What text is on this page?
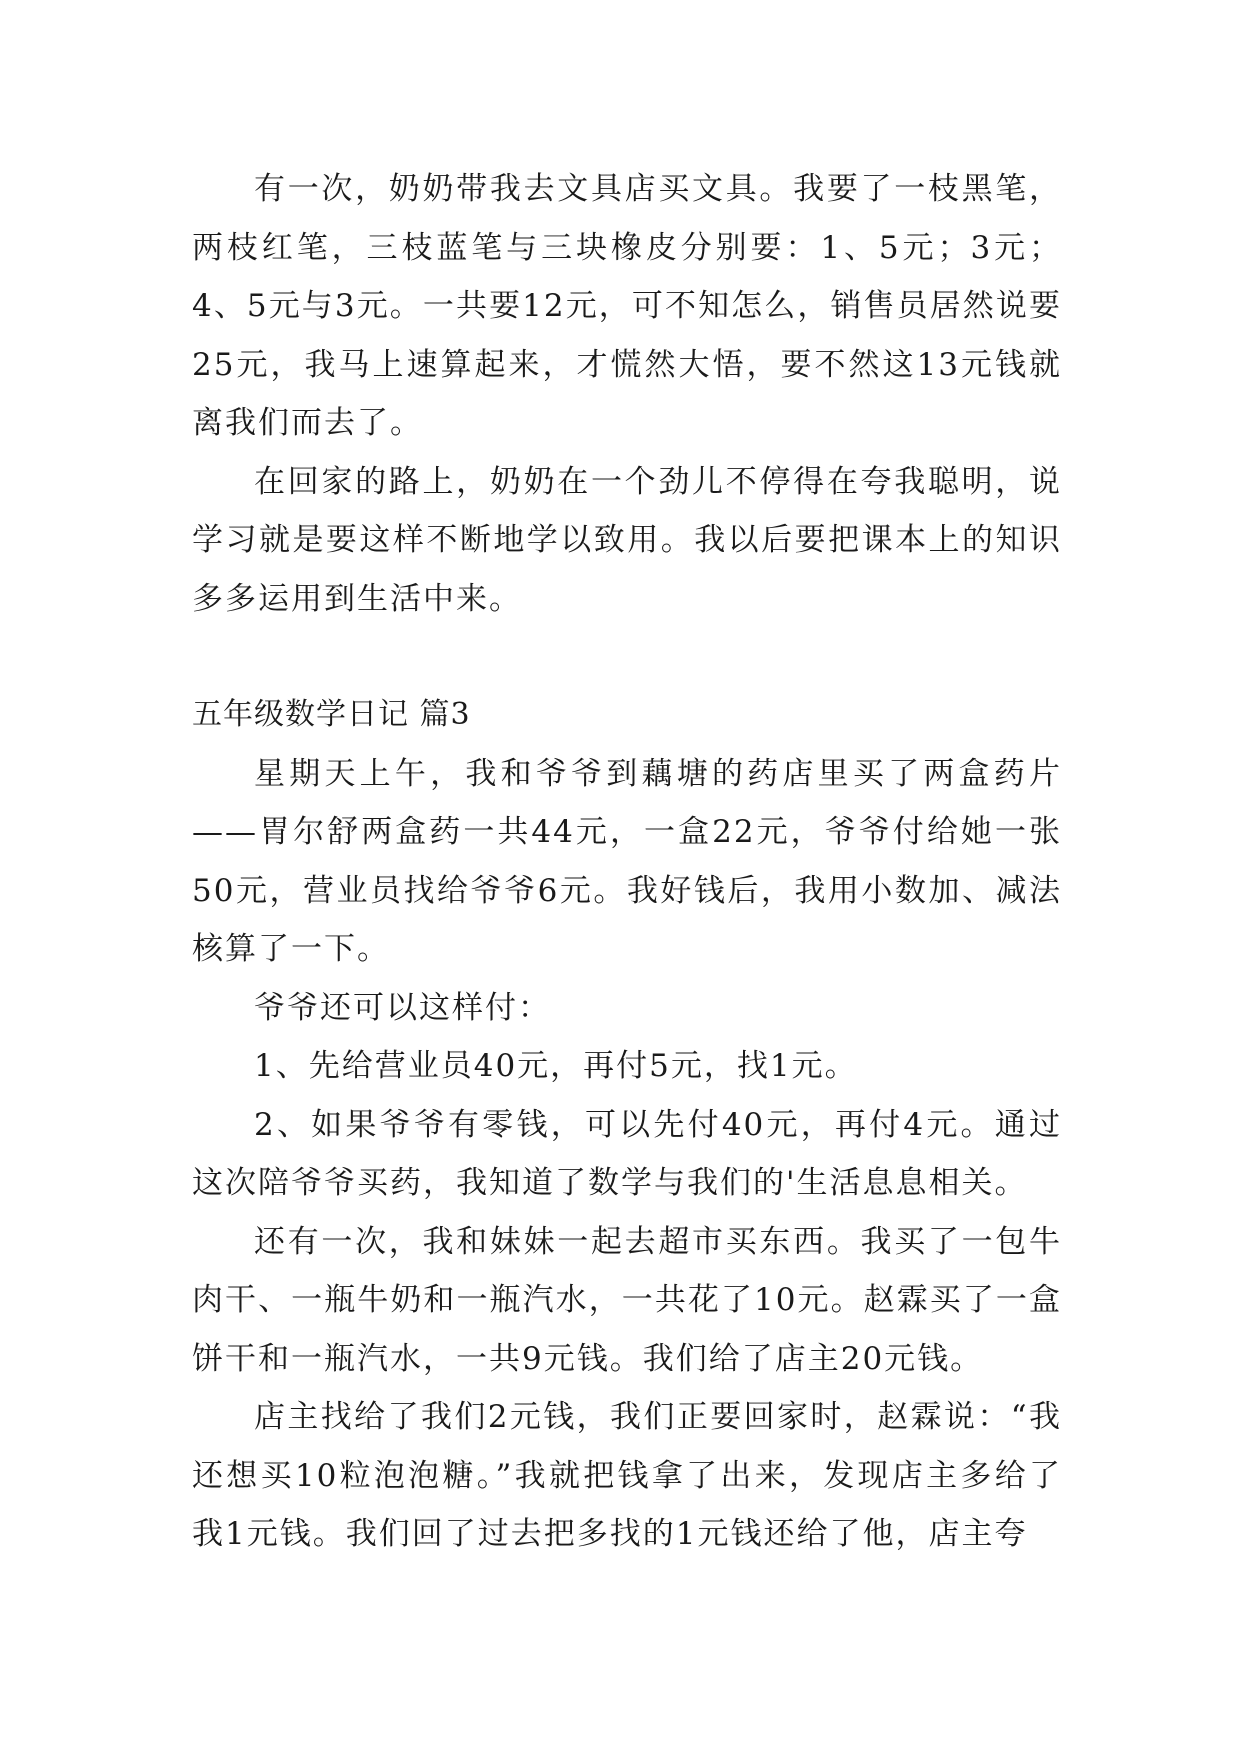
有一次，奶奶带我去文具店买文具。我要了一枝黑笔，两枝红笔，三枝蓝笔与三块橡皮分别要：1、5元；3元；4、5元与3元。一共要12元，可不知怎么，销售员居然说要25元，我马上速算起来，才慌然大悟，要不然这13元钱就离我们而去了。

在回家的路上，奶奶在一个劲儿不停得在夸我聪明，说学习就是要这样不断地学以致用。我以后要把课本上的知识多多运用到生活中来。

五年级数学日记 篇3

星期天上午，我和爷爷到藕塘的药店里买了两盒药片——胃尔舒两盒药一共44元，一盒22元，爷爷付给她一张50元，营业员找给爷爷6元。我好钱后，我用小数加、减法核算了一下。

爷爷还可以这样付：

1、先给营业员40元，再付5元，找1元。

2、如果爷爷有零钱，可以先付40元，再付4元。通过这次陪爷爷买药，我知道了数学与我们的'生活息息相关。

还有一次，我和妹妹一起去超市买东西。我买了一包牛肉干、一瓶牛奶和一瓶汽水，一共花了10元。赵霖买了一盒饼干和一瓶汽水，一共9元钱。我们给了店主20元钱。

店主找给了我们2元钱，我们正要回家时，赵霖说：“我还想买10粒泡泡糖。”我就把钱拿了出来，发现店主多给了我1元钱。我们回了过去把多找的1元钱还给了他，店主夸
